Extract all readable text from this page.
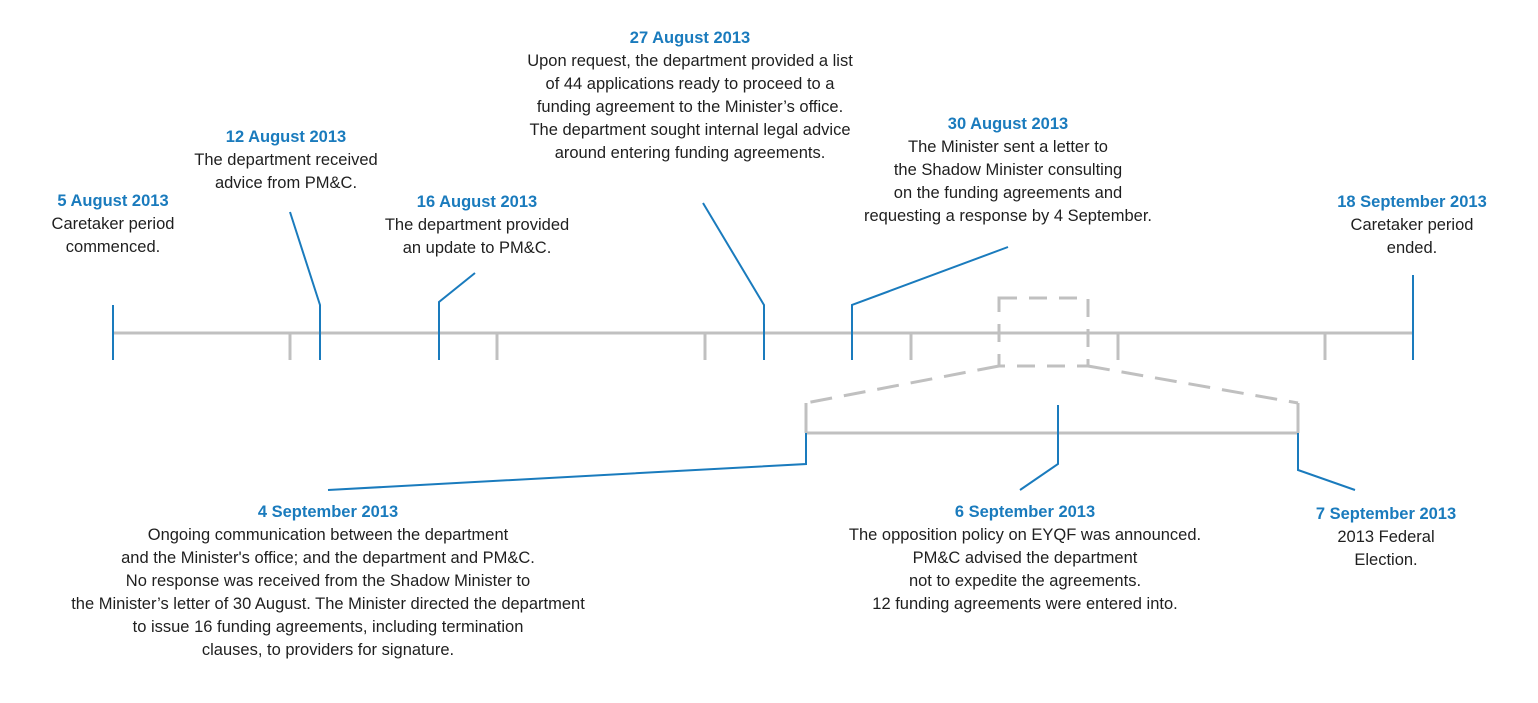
5 August 2013
Caretaker period
commenced.
12 August 2013
The department received
advice from PM&C.
16 August 2013
The department provided
an update to PM&C.
27 August 2013
Upon request, the department provided a list
of 44 applications ready to proceed to a
funding agreement to the Minister’s office.
The department sought internal legal advice
around entering funding agreements.
30 August 2013
The Minister sent a letter to
the Shadow Minister consulting
on the funding agreements and
requesting a response by 4 September.
18 September 2013
Caretaker period
ended.
4 September 2013
Ongoing communication between the department
and the Minister's office; and the department and PM&C.
No response was received from the Shadow Minister to
the Minister’s letter of 30 August. The Minister directed the department
to issue 16 funding agreements, including termination
clauses, to providers for signature.
6 September 2013
The opposition policy on EYQF was announced.
PM&C advised the department
not to expedite the agreements.
12 funding agreements were entered into.
7 September 2013
2013 Federal
Election.
